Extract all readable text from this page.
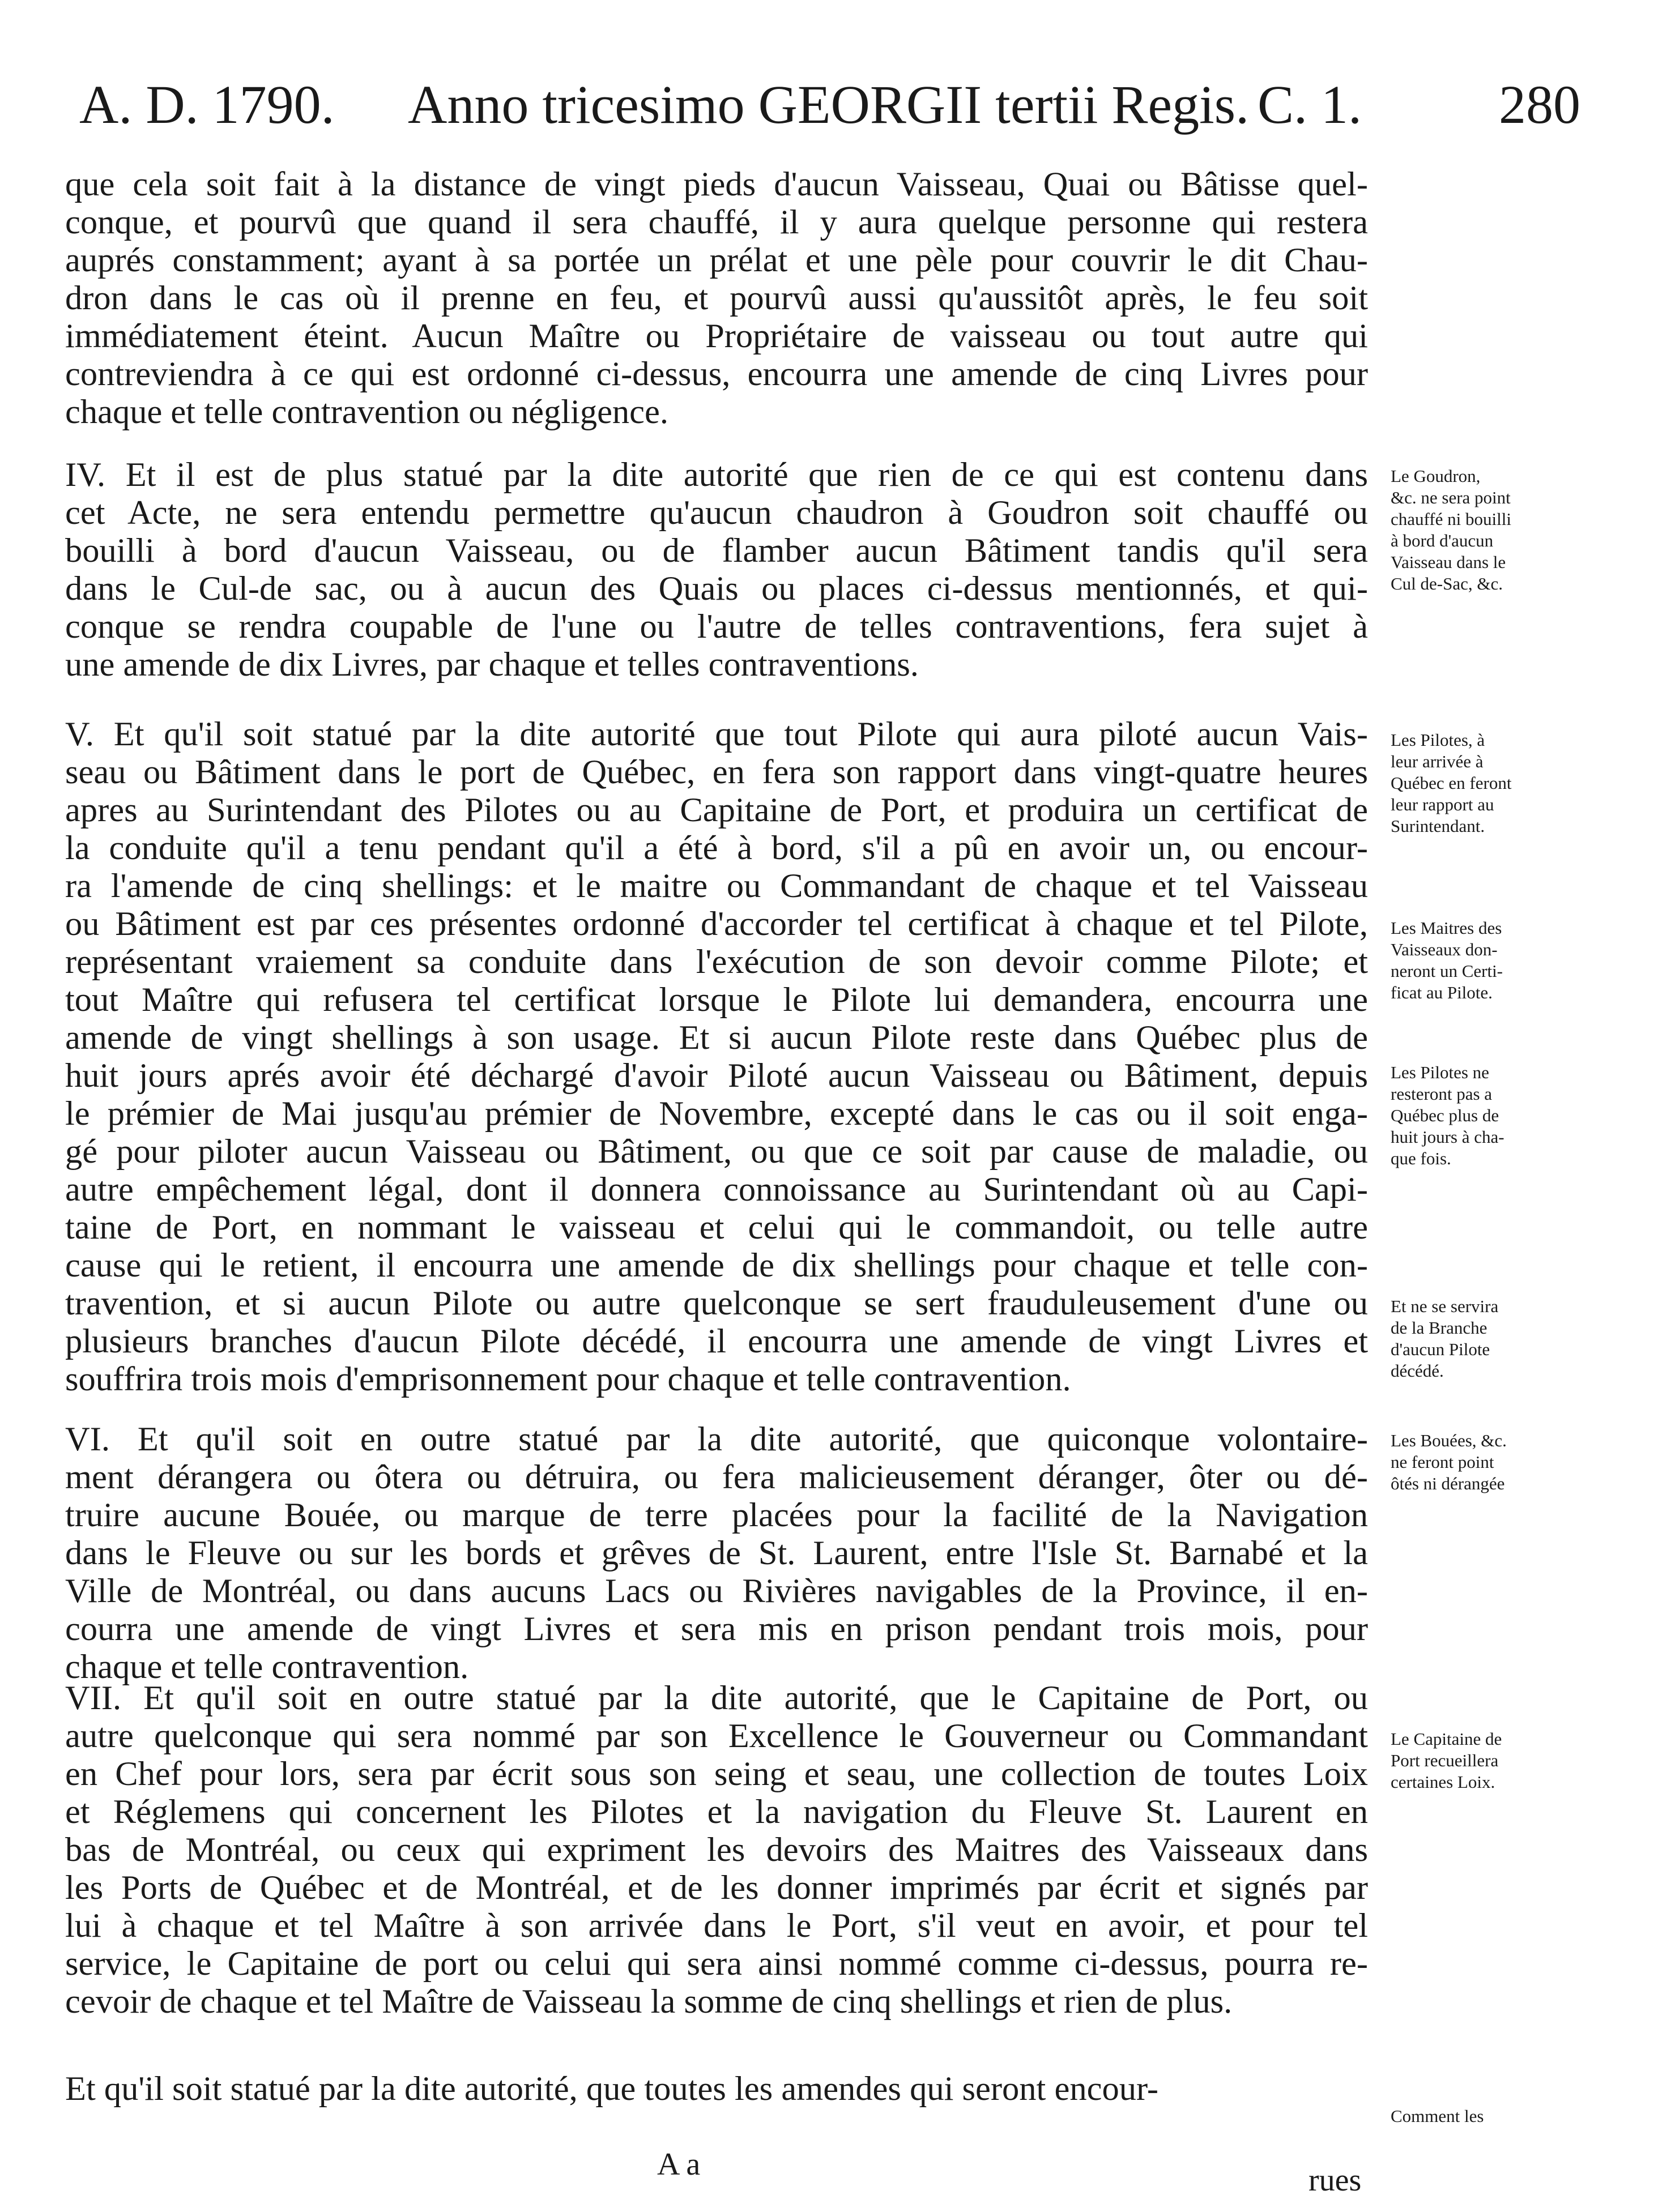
A. D. 1790. Anno tricesimo GEORGII tertii Regis. C. 1.	280
que cela soit fait à la distance de vingt pieds d'aucun Vaisseau, Quai ou Bâtisse quel-
conque, et pourvû que quand il sera chauffé, il y aura quelque personne qui restera
auprés constamment; ayant à sa portée un prélat et une pèle pour couvrir le dit Chau-
dron dans le cas où il prenne en feu, et pourvû aussi qu'aussitôt après, le feu soit
immédiatement éteint. Aucun Maître ou Propriétaire de vaisseau ou tout autre qui
contreviendra à ce qui est ordonné ci-dessus, encourra une amende de cinq Livres pour
chaque et telle contravention ou négligence.
IV. Et il est de plus statué par la dite autorité que rien de ce qui est contenu dans
cet Acte, ne sera entendu permettre qu'aucun chaudron à Goudron soit chauffé ou
bouilli à bord d'aucun Vaisseau, ou de flamber aucun Bâtiment tandis qu'il sera
dans le Cul-de sac, ou à aucun des Quais ou places ci-dessus mentionnés, et qui-
conque se rendra coupable de l'une ou l'autre de telles contraventions, fera sujet à
une amende de dix Livres, par chaque et telles contraventions.
V. Et qu'il soit statué par la dite autorité que tout Pilote qui aura piloté aucun Vais-
seau ou Bâtiment dans le port de Québec, en fera son rapport dans vingt-quatre heures
apres au Surintendant des Pilotes ou au Capitaine de Port, et produira un certificat de
la conduite qu'il a tenu pendant qu'il a été à bord, s'il a pû en avoir un, ou encour-
ra l'amende de cinq shellings: et le maitre ou Commandant de chaque et tel Vaisseau
ou Bâtiment est par ces présentes ordonné d'accorder tel certificat à chaque et tel Pilote,
représentant vraiement sa conduite dans l'exécution de son devoir comme Pilote; et
tout Maître qui refusera tel certificat lorsque le Pilote lui demandera, encourra une
amende de vingt shellings à son usage. Et si aucun Pilote reste dans Québec plus de
huit jours aprés avoir été déchargé d'avoir Piloté aucun Vaisseau ou Bâtiment, depuis
le prémier de Mai jusqu'au prémier de Novembre, excepté dans le cas ou il soit enga-
gé pour piloter aucun Vaisseau ou Bâtiment, ou que ce soit par cause de maladie, ou
autre empêchement légal, dont il donnera connoissance au Surintendant où au Capi-
taine de Port, en nommant le vaisseau et celui qui le commandoit, ou telle autre
cause qui le retient, il encourra une amende de dix shellings pour chaque et telle con-
travention, et si aucun Pilote ou autre quelconque se sert frauduleusement d'une ou
plusieurs branches d'aucun Pilote décédé, il encourra une amende de vingt Livres et
souffrira trois mois d'emprisonnement pour chaque et telle contravention.
VI. Et qu'il soit en outre statué par la dite autorité, que quiconque volontaire-
ment dérangera ou ôtera ou détruira, ou fera malicieusement déranger, ôter ou dé-
truire aucune Bouée, ou marque de terre placées pour la facilité de la Navigation
dans le Fleuve ou sur les bords et grêves de St. Laurent, entre l'Isle St. Barnabé et la
Ville de Montréal, ou dans aucuns Lacs ou Rivières navigables de la Province, il en-
courra une amende de vingt Livres et sera mis en prison pendant trois mois, pour
chaque et telle contravention.
VII. Et qu'il soit en outre statué par la dite autorité, que le Capitaine de Port, ou
autre quelconque qui sera nommé par son Excellence le Gouverneur ou Commandant
en Chef pour lors, sera par écrit sous son seing et seau, une collection de toutes Loix
et Réglemens qui concernent les Pilotes et la navigation du Fleuve St. Laurent en
bas de Montréal, ou ceux qui expriment les devoirs des Maitres des Vaisseaux dans
les Ports de Québec et de Montréal, et de les donner imprimés par écrit et signés par
lui à chaque et tel Maître à son arrivée dans le Port, s'il veut en avoir, et pour tel
service, le Capitaine de port ou celui qui sera ainsi nommé comme ci-dessus, pourra re-
cevoir de chaque et tel Maître de Vaisseau la somme de cinq shellings et rien de plus.
Et qu'il soit statué par la dite autorité, que toutes les amendes qui seront encour-
Le Goudron,
&c. ne sera point
chauffé ni bouilli
à bord d'aucun
Vaisseau dans le
Cul de-Sac, &c.
Les Pilotes, à
leur arrivée à
Québec en feront
leur rapport au
Surintendant.
Les Maitres des
Vaisseaux don-
neront un Certi-
ficat au Pilote.
Les Pilotes ne
resteront pas a
Québec plus de
huit jours à cha-
que fois.
Et ne se servira
de la Branche
d'aucun Pilote
décédé.
Les Bouées, &c.
ne feront point
ôtés ni dérangée
Le Capitaine de
Port recueillera
certaines Loix.
Comment les
A a	rues
